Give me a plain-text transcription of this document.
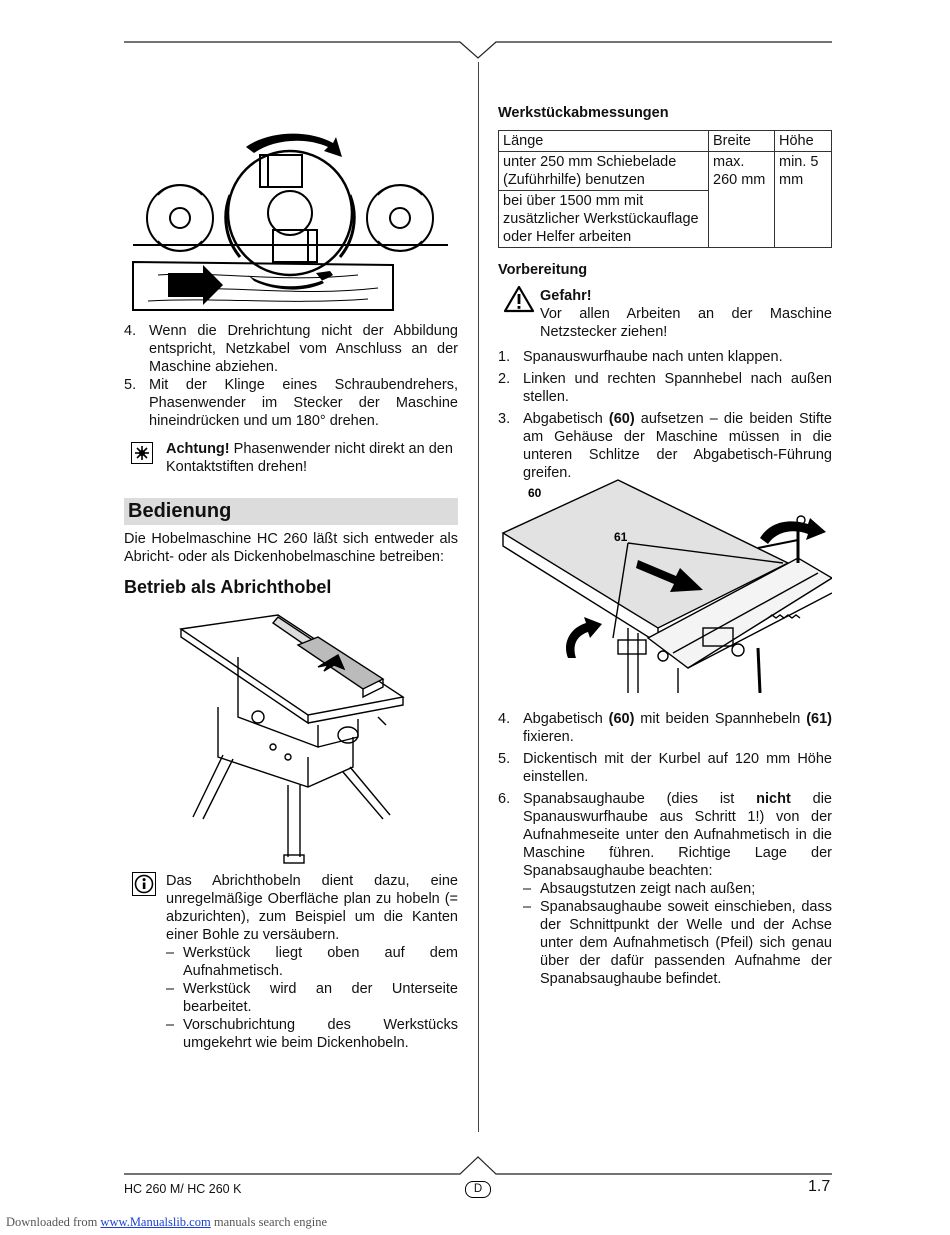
4. Wenn die Drehrichtung nicht der Abbildung entspricht, Netzkabel vom Anschluss an der Maschine abziehen.
5. Mit der Klinge eines Schraubendrehers, Phasenwender im Stecker der Maschine hineindrücken und um 180° drehen.
Achtung! Phasenwender nicht direkt an den Kontaktstiften drehen!
Bedienung
Die Hobelmaschine HC 260 läßt sich entweder als Abricht- oder als Dickenhobelmaschine betreiben:
Betrieb als Abrichthobel
Das Abrichthobeln dient dazu, eine unregelmäßige Oberfläche plan zu hobeln (= abzurichten), zum Beispiel um die Kanten einer Bohle zu versäubern.
– Werkstück liegt oben auf dem Aufnahmetisch.
– Werkstück wird an der Unterseite bearbeitet.
– Vorschubrichtung des Werkstücks umgekehrt wie beim Dickenhobeln.
Werkstückabmessungen
Länge	Breite	Höhe
unter 250 mm Schiebelade (Zuführhilfe) benutzen	max. 260 mm	min. 5 mm
bei über 1500 mm mit zusätzlicher Werkstückauflage oder Helfer arbeiten		
Vorbereitung
Gefahr!
Vor allen Arbeiten an der Maschine Netzstecker ziehen!
1. Spanauswurfhaube nach unten klappen.
2. Linken und rechten Spannhebel nach außen stellen.
3. Abgabetisch (60) aufsetzen – die beiden Stifte am Gehäuse der Maschine müssen in die unteren Schlitze der Abgabetisch-Führung greifen.
60
61
4. Abgabetisch (60) mit beiden Spannhebeln (61) fixieren.
5. Dickentisch mit der Kurbel auf 120 mm Höhe einstellen.
6. Spanabsaughaube (dies ist nicht die Spanauswurfhaube aus Schritt 1!) von der Aufnahmeseite unter den Aufnahmetisch in die Maschine führen. Richtige Lage der Spanabsaughaube beachten:
– Absaugstutzen zeigt nach außen;
– Spanabsaughaube soweit einschieben, dass der Schnittpunkt der Welle und der Achse unter dem Aufnahmetisch (Pfeil) sich genau über der dafür passenden Aufnahme der Spanabsaughaube befindet.
HC 260 M/ HC 260 K	D	1.7
Downloaded from www.Manualslib.com manuals search engine
